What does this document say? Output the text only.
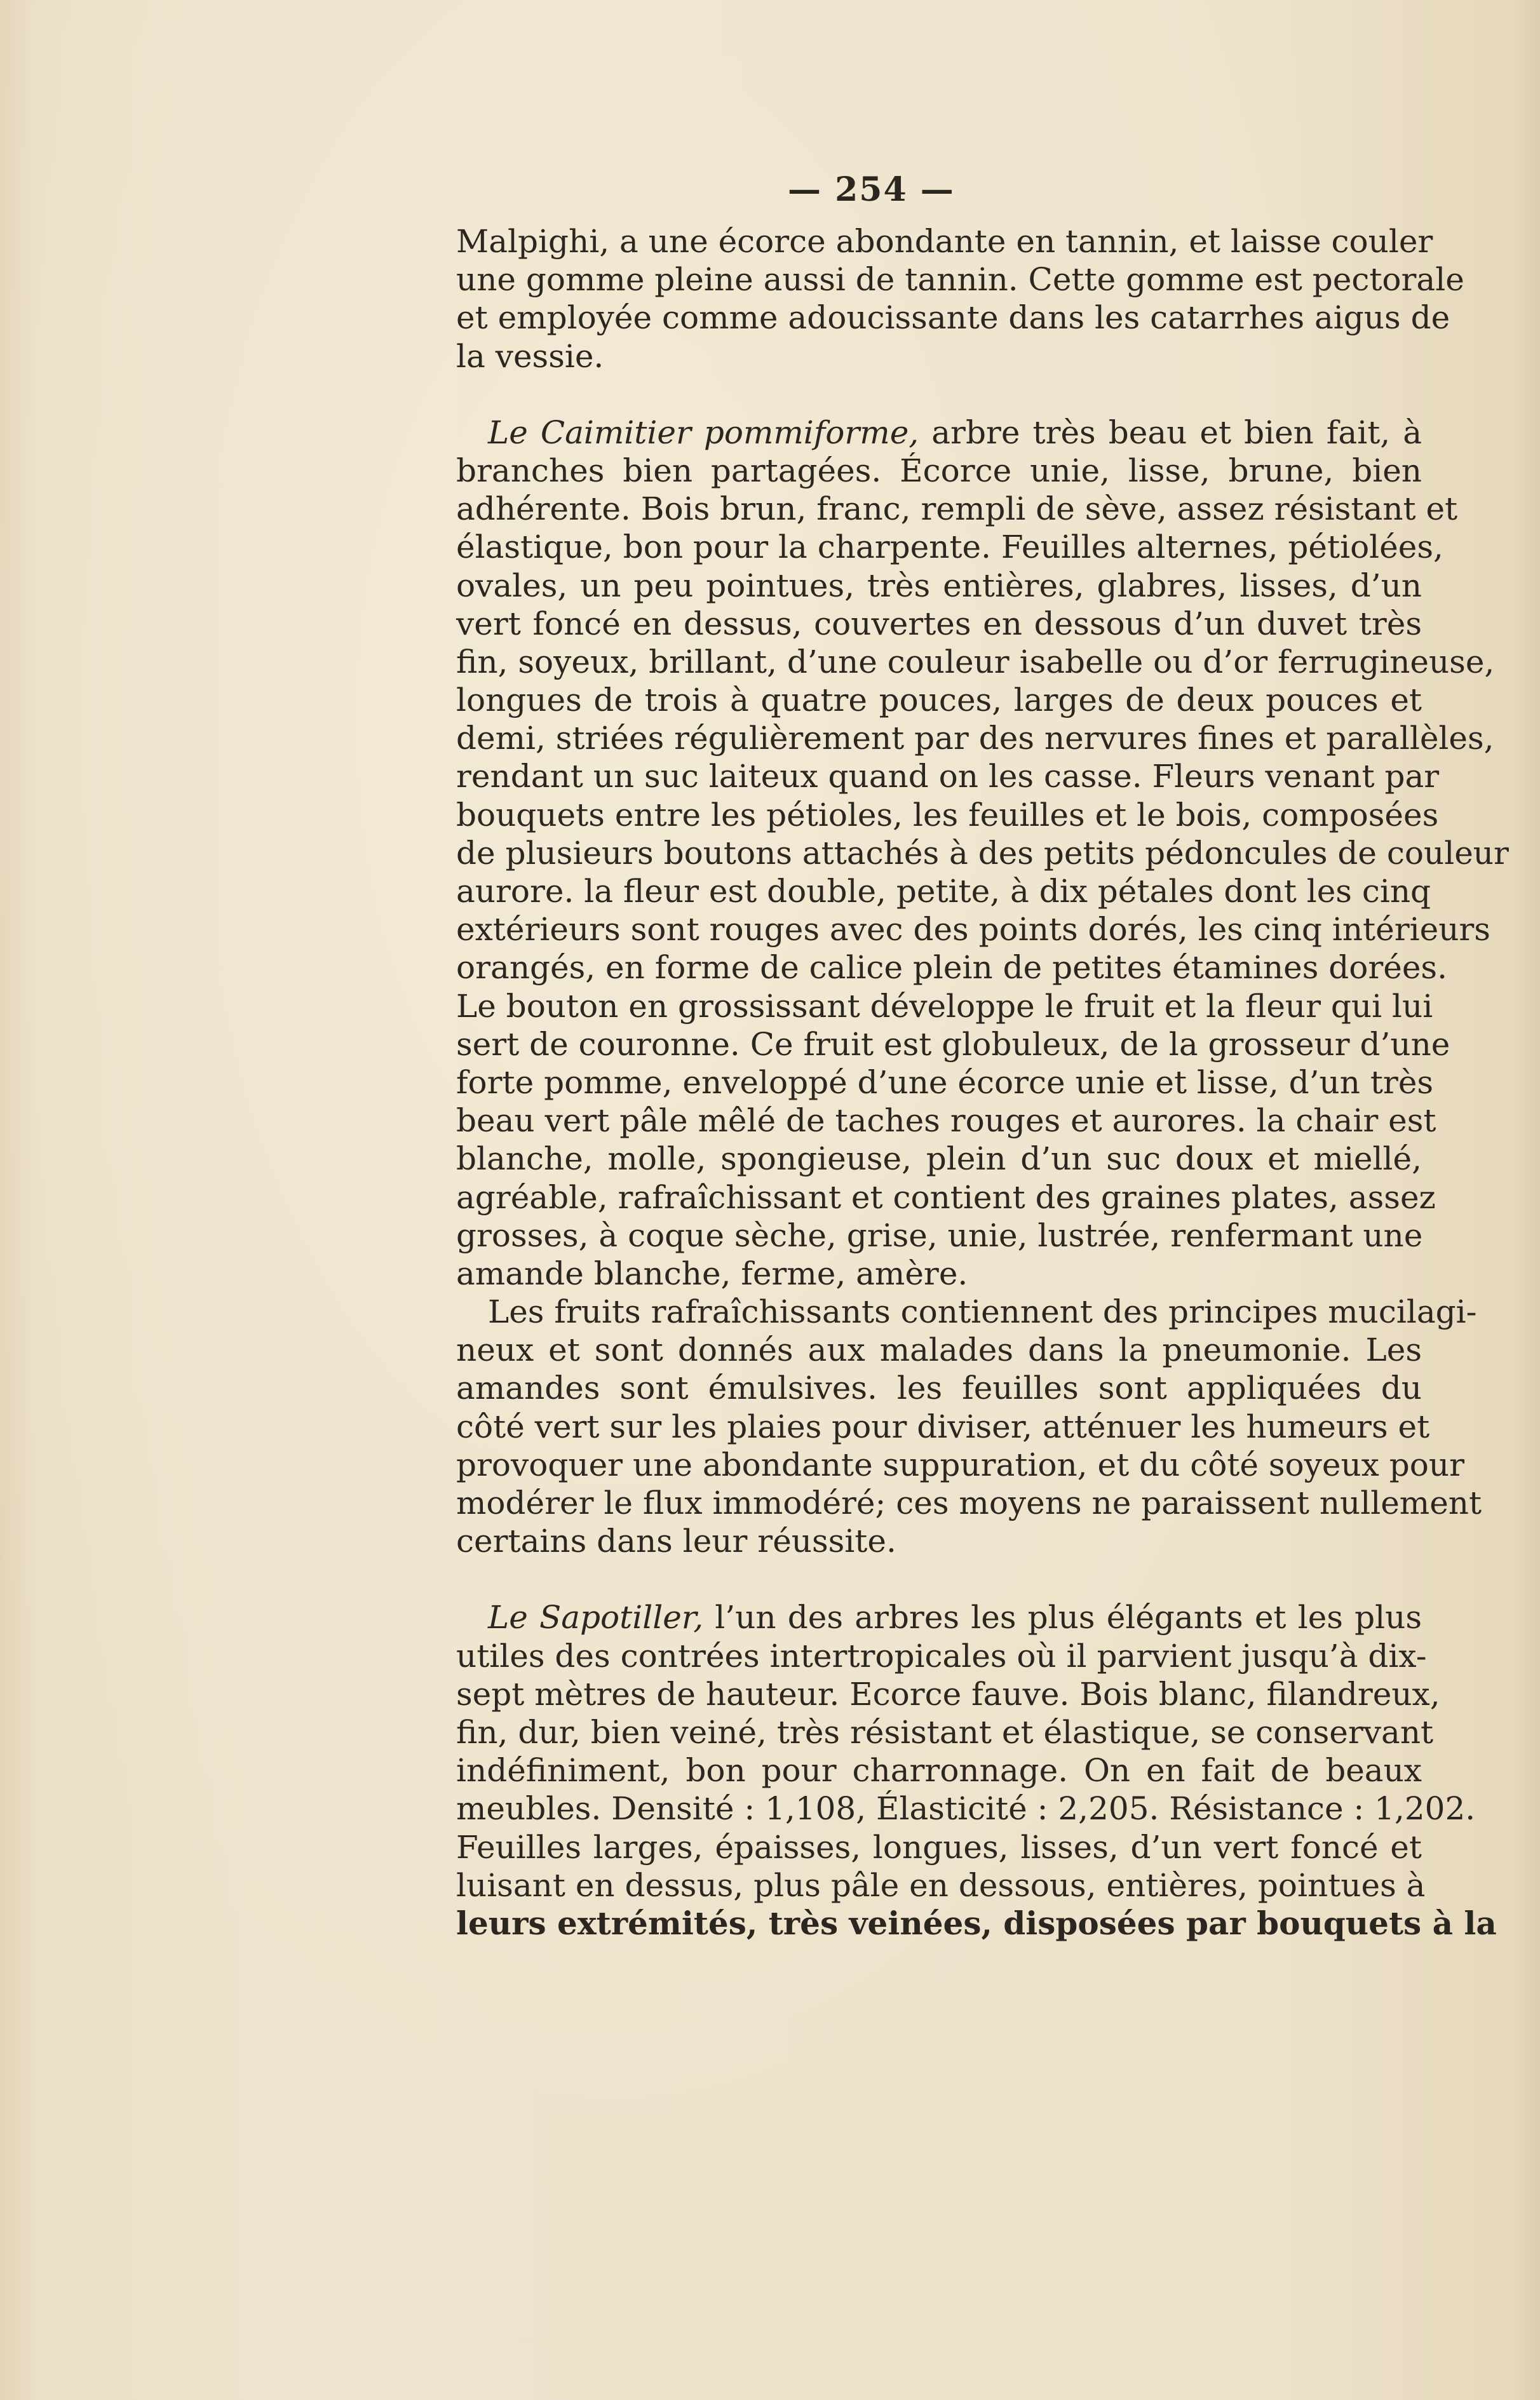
— 254 —
Malpighi, a une écorce abondante en tannin, et laisse couler
une gomme pleine aussi de tannin. Cette gomme est pectorale
et employée comme adoucissante dans les catarrhes aigus de
la vessie.
Le Caimitier pommiforme, arbre très beau et bien fait, à
branches bien partagées. Écorce unie, lisse, brune, bien
adhérente. Bois brun, franc, rempli de sève, assez résistant et
élastique, bon pour la charpente. Feuilles alternes, pétiolées,
ovales, un peu pointues, très entières, glabres, lisses, d’un
vert foncé en dessus, couvertes en dessous d’un duvet très
fin, soyeux, brillant, d’une couleur isabelle ou d’or ferrugineuse,
longues de trois à quatre pouces, larges de deux pouces et
demi, striées régulièrement par des nervures fines et parallèles,
rendant un suc laiteux quand on les casse. Fleurs venant par
bouquets entre les pétioles, les feuilles et le bois, composées
de plusieurs boutons attachés à des petits pédoncules de couleur
aurore. la fleur est double, petite, à dix pétales dont les cinq
extérieurs sont rouges avec des points dorés, les cinq intérieurs
orangés, en forme de calice plein de petites étamines dorées.
Le bouton en grossissant développe le fruit et la fleur qui lui
sert de couronne. Ce fruit est globuleux, de la grosseur d’une
forte pomme, enveloppé d’une écorce unie et lisse, d’un très
beau vert pâle mêlé de taches rouges et aurores. la chair est
blanche, molle, spongieuse, plein d’un suc doux et miellé,
agréable, rafraîchissant et contient des graines plates, assez
grosses, à coque sèche, grise, unie, lustrée, renfermant une
amande blanche, ferme, amère.
Les fruits rafraîchissants contiennent des principes mucilagi-
neux et sont donnés aux malades dans la pneumonie. Les
amandes sont émulsives. les feuilles sont appliquées du
côté vert sur les plaies pour diviser, atténuer les humeurs et
provoquer une abondante suppuration, et du côté soyeux pour
modérer le flux immodéré; ces moyens ne paraissent nullement
certains dans leur réussite.
Le Sapotiller, l’un des arbres les plus élégants et les plus
utiles des contrées intertropicales où il parvient jusqu’à dix-
sept mètres de hauteur. Ecorce fauve. Bois blanc, filandreux,
fin, dur, bien veiné, très résistant et élastique, se conservant
indéfiniment, bon pour charronnage. On en fait de beaux
meubles. Densité : 1,108, Élasticité : 2,205. Résistance : 1,202.
Feuilles larges, épaisses, longues, lisses, d’un vert foncé et
luisant en dessus, plus pâle en dessous, entières, pointues à
leurs extrémités, très veinées, disposées par bouquets à la
